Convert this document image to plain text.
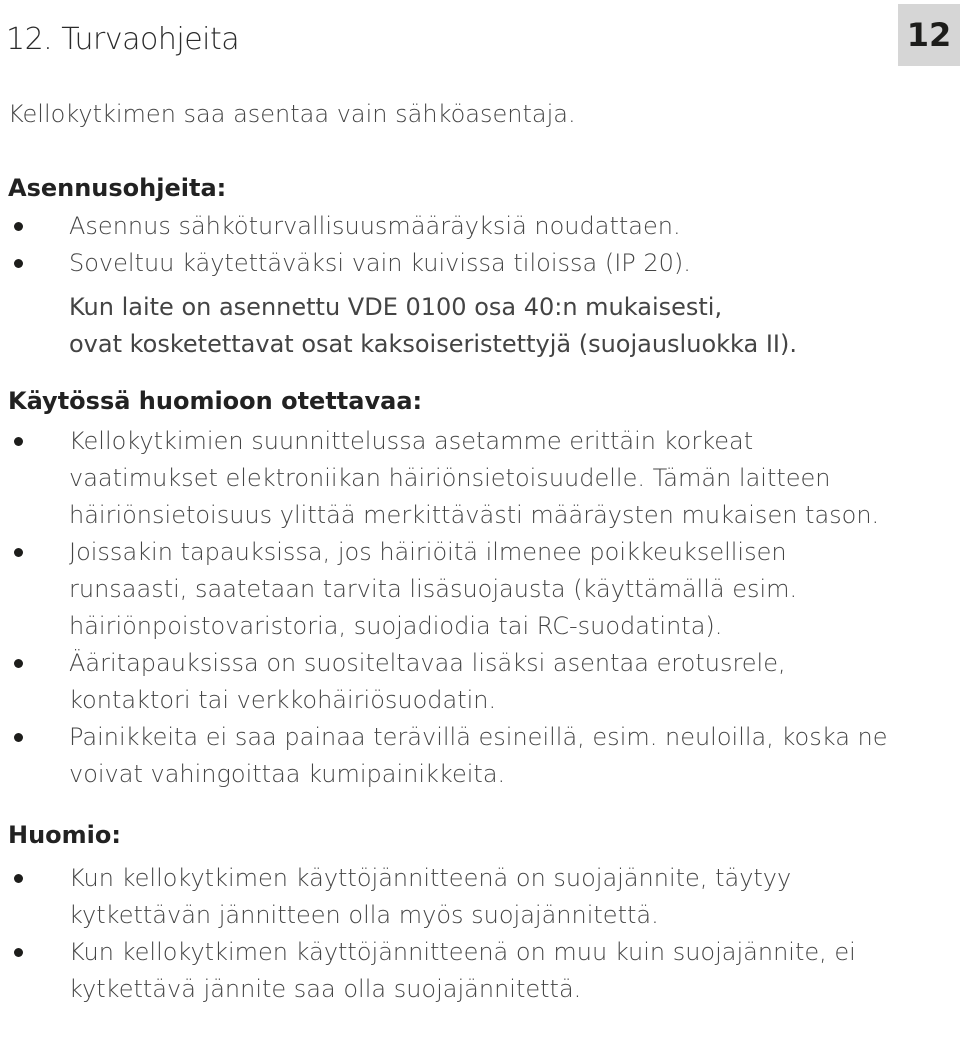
12. Turvaohjeita	12

Kellokytkimen saa asentaa vain sähköasentaja.

Asennusohjeita:

Asennus sähköturvallisuusmääräyksiä noudattaen.
Soveltuu käytettäväksi vain kuivissa tiloissa (IP 20).

Kun laite on asennettu VDE 0100 osa 40:n mukaisesti,

ovat kosketettavat osat kaksoiseristettyjä (suojausluokka II).

Käytössä huomioon otettavaa:

Kellokytkimien suunnittelussa asetamme erittäin korkeat vaatimukset elektroniikan häiriönsietoisuudelle. Tämän laitteen häiriönsietoisuus ylittää merkittävästi määräysten mukaisen tason.
Joissakin tapauksissa, jos häiriöitä ilmenee poikkeuksellisen runsaasti, saatetaan tarvita lisäsuojausta (käyttämällä esim. häiriönpoistovaristoria, suojadiodia tai RC-suodatinta).
Ääritapauksissa on suositeltavaa lisäksi asentaa erotusrele, kontaktori tai verkkohäiriösuodatin.
Painikkeita ei saa painaa terävillä esineillä, esim. neuloilla, koska ne voivat vahingoittaa kumipainikkeita.

Huomio:

Kun kellokytkimen käyttöjännitteenä on suojajännite, täytyy kytkettävän jännitteen olla myös suojajännitettä.
Kun kellokytkimen käyttöjännitteenä on muu kuin suojajännite, ei kytkettävä jännite saa olla suojajännitettä.
